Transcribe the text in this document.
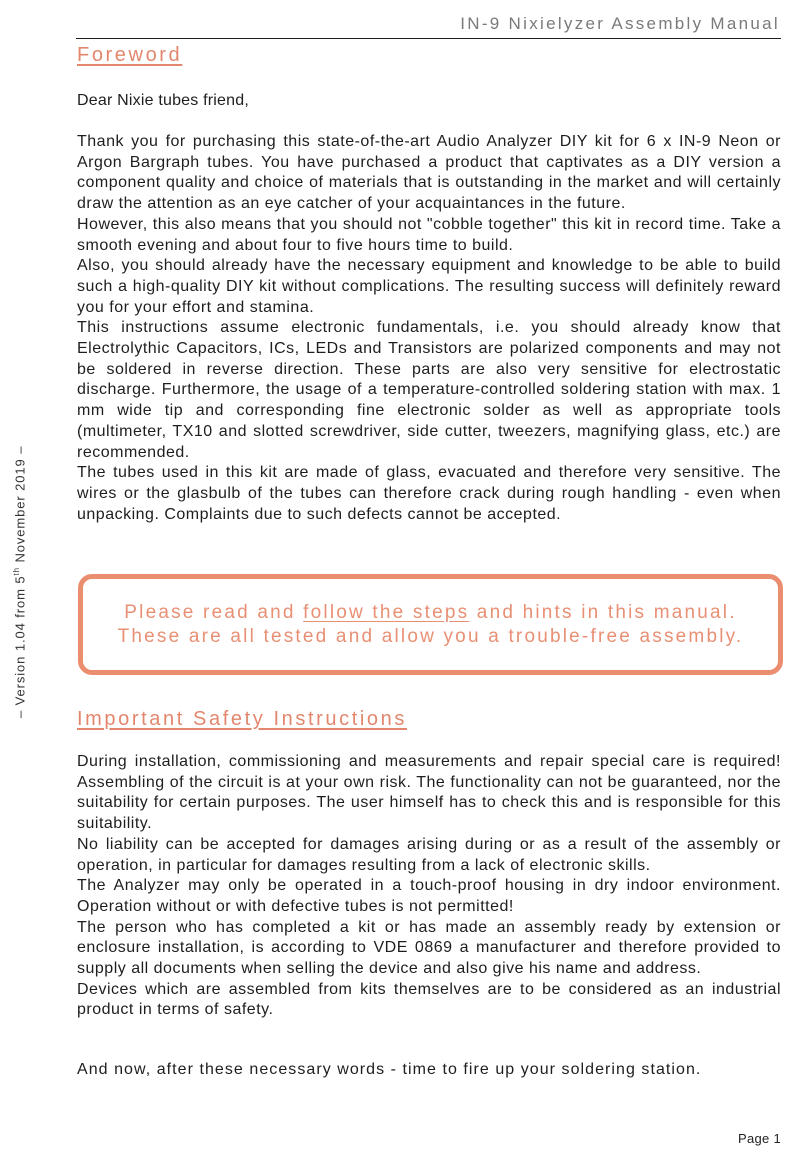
IN-9 Nixielyzer Assembly Manual
– Version 1.04 from 5th November 2019 –
Foreword
Dear Nixie tubes friend,

Thank you for purchasing this state-of-the-art Audio Analyzer DIY kit for 6 x IN-9 Neon or Argon Bargraph tubes. You have purchased a product that captivates as a DIY version a component quality and choice of materials that is outstanding in the market and will certainly draw the attention as an eye catcher of your acquaintances in the future.

However, this also means that you should not "cobble together" this kit in record time. Take a smooth evening and about four to five hours time to build.

Also, you should already have the necessary equipment and knowledge to be able to build such a high-quality DIY kit without complications. The resulting success will definitely reward you for your effort and stamina.

This instructions assume electronic fundamentals, i.e. you should already know that Electrolythic Capacitors, ICs, LEDs and Transistors are polarized components and may not be soldered in reverse direction. These parts are also very sensitive for electrostatic discharge. Furthermore, the usage of a temperature-controlled soldering station with max. 1 mm wide tip and corresponding fine electronic solder as well as appropriate tools (multimeter, TX10 and slotted screwdriver, side cutter, tweezers, magnifying glass, etc.) are recommended.

The tubes used in this kit are made of glass, evacuated and therefore very sensitive. The wires or the glasbulb of the tubes can therefore crack during rough handling - even when unpacking. Complaints due to such defects cannot be accepted.

Please read and follow the steps and hints in this manual.
These are all tested and allow you a trouble-free assembly.
Important Safety Instructions

During installation, commissioning and measurements and repair special care is required! Assembling of the circuit is at your own risk. The functionality can not be guaranteed, nor the suitability for certain purposes. The user himself has to check this and is responsible for this suitability.

No liability can be accepted for damages arising during or as a result of the assembly or operation, in particular for damages resulting from a lack of electronic skills.

The Analyzer may only be operated in a touch-proof housing in dry indoor environment. Operation without or with defective tubes is not permitted!

The person who has completed a kit or has made an assembly ready by extension or enclosure installation, is according to VDE 0869 a manufacturer and therefore provided to supply all documents when selling the device and also give his name and address.

Devices which are assembled from kits themselves are to be considered as an industrial product in terms of safety.

And now, after these necessary words - time to fire up your soldering station.
Page 1
